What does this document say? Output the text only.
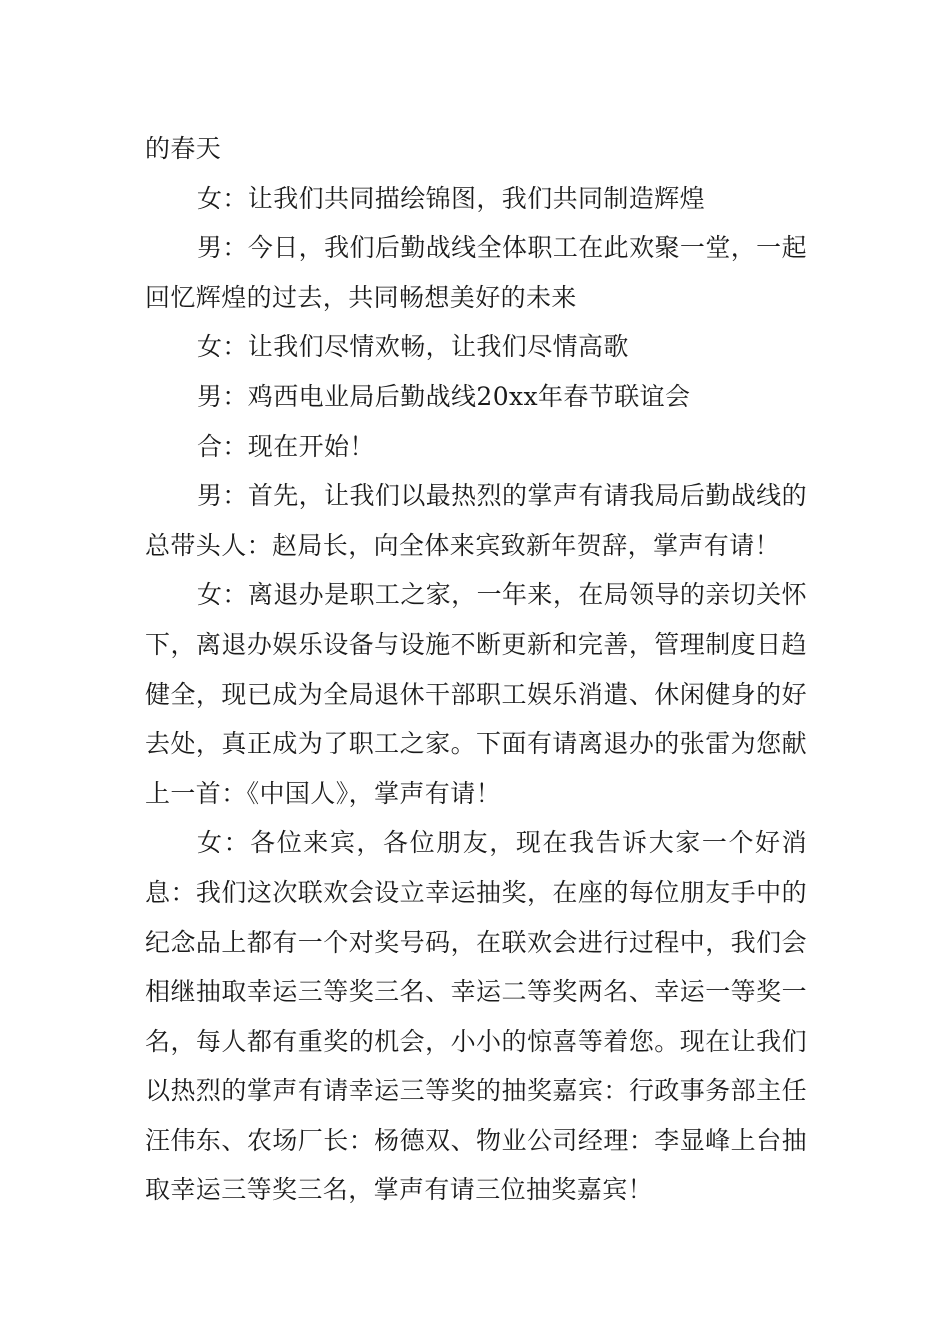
的春天

女：让我们共同描绘锦图，我们共同制造辉煌

男：今日，我们后勤战线全体职工在此欢聚一堂，一起回忆辉煌的过去，共同畅想美好的未来

女：让我们尽情欢畅，让我们尽情高歌

男：鸡西电业局后勤战线20xx年春节联谊会

合：现在开始！

男：首先，让我们以最热烈的掌声有请我局后勤战线的总带头人：赵局长，向全体来宾致新年贺辞，掌声有请！

女：离退办是职工之家，一年来，在局领导的亲切关怀下，离退办娱乐设备与设施不断更新和完善，管理制度日趋健全，现已成为全局退休干部职工娱乐消遣、休闲健身的好去处，真正成为了职工之家。下面有请离退办的张雷为您献上一首：《中国人》，掌声有请！

女：各位来宾，各位朋友，现在我告诉大家一个好消息：我们这次联欢会设立幸运抽奖，在座的每位朋友手中的纪念品上都有一个对奖号码，在联欢会进行过程中，我们会相继抽取幸运三等奖三名、幸运二等奖两名、幸运一等奖一名，每人都有重奖的机会，小小的惊喜等着您。现在让我们以热烈的掌声有请幸运三等奖的抽奖嘉宾：行政事务部主任汪伟东、农场厂长：杨德双、物业公司经理：李显峰上台抽取幸运三等奖三名，掌声有请三位抽奖嘉宾！
